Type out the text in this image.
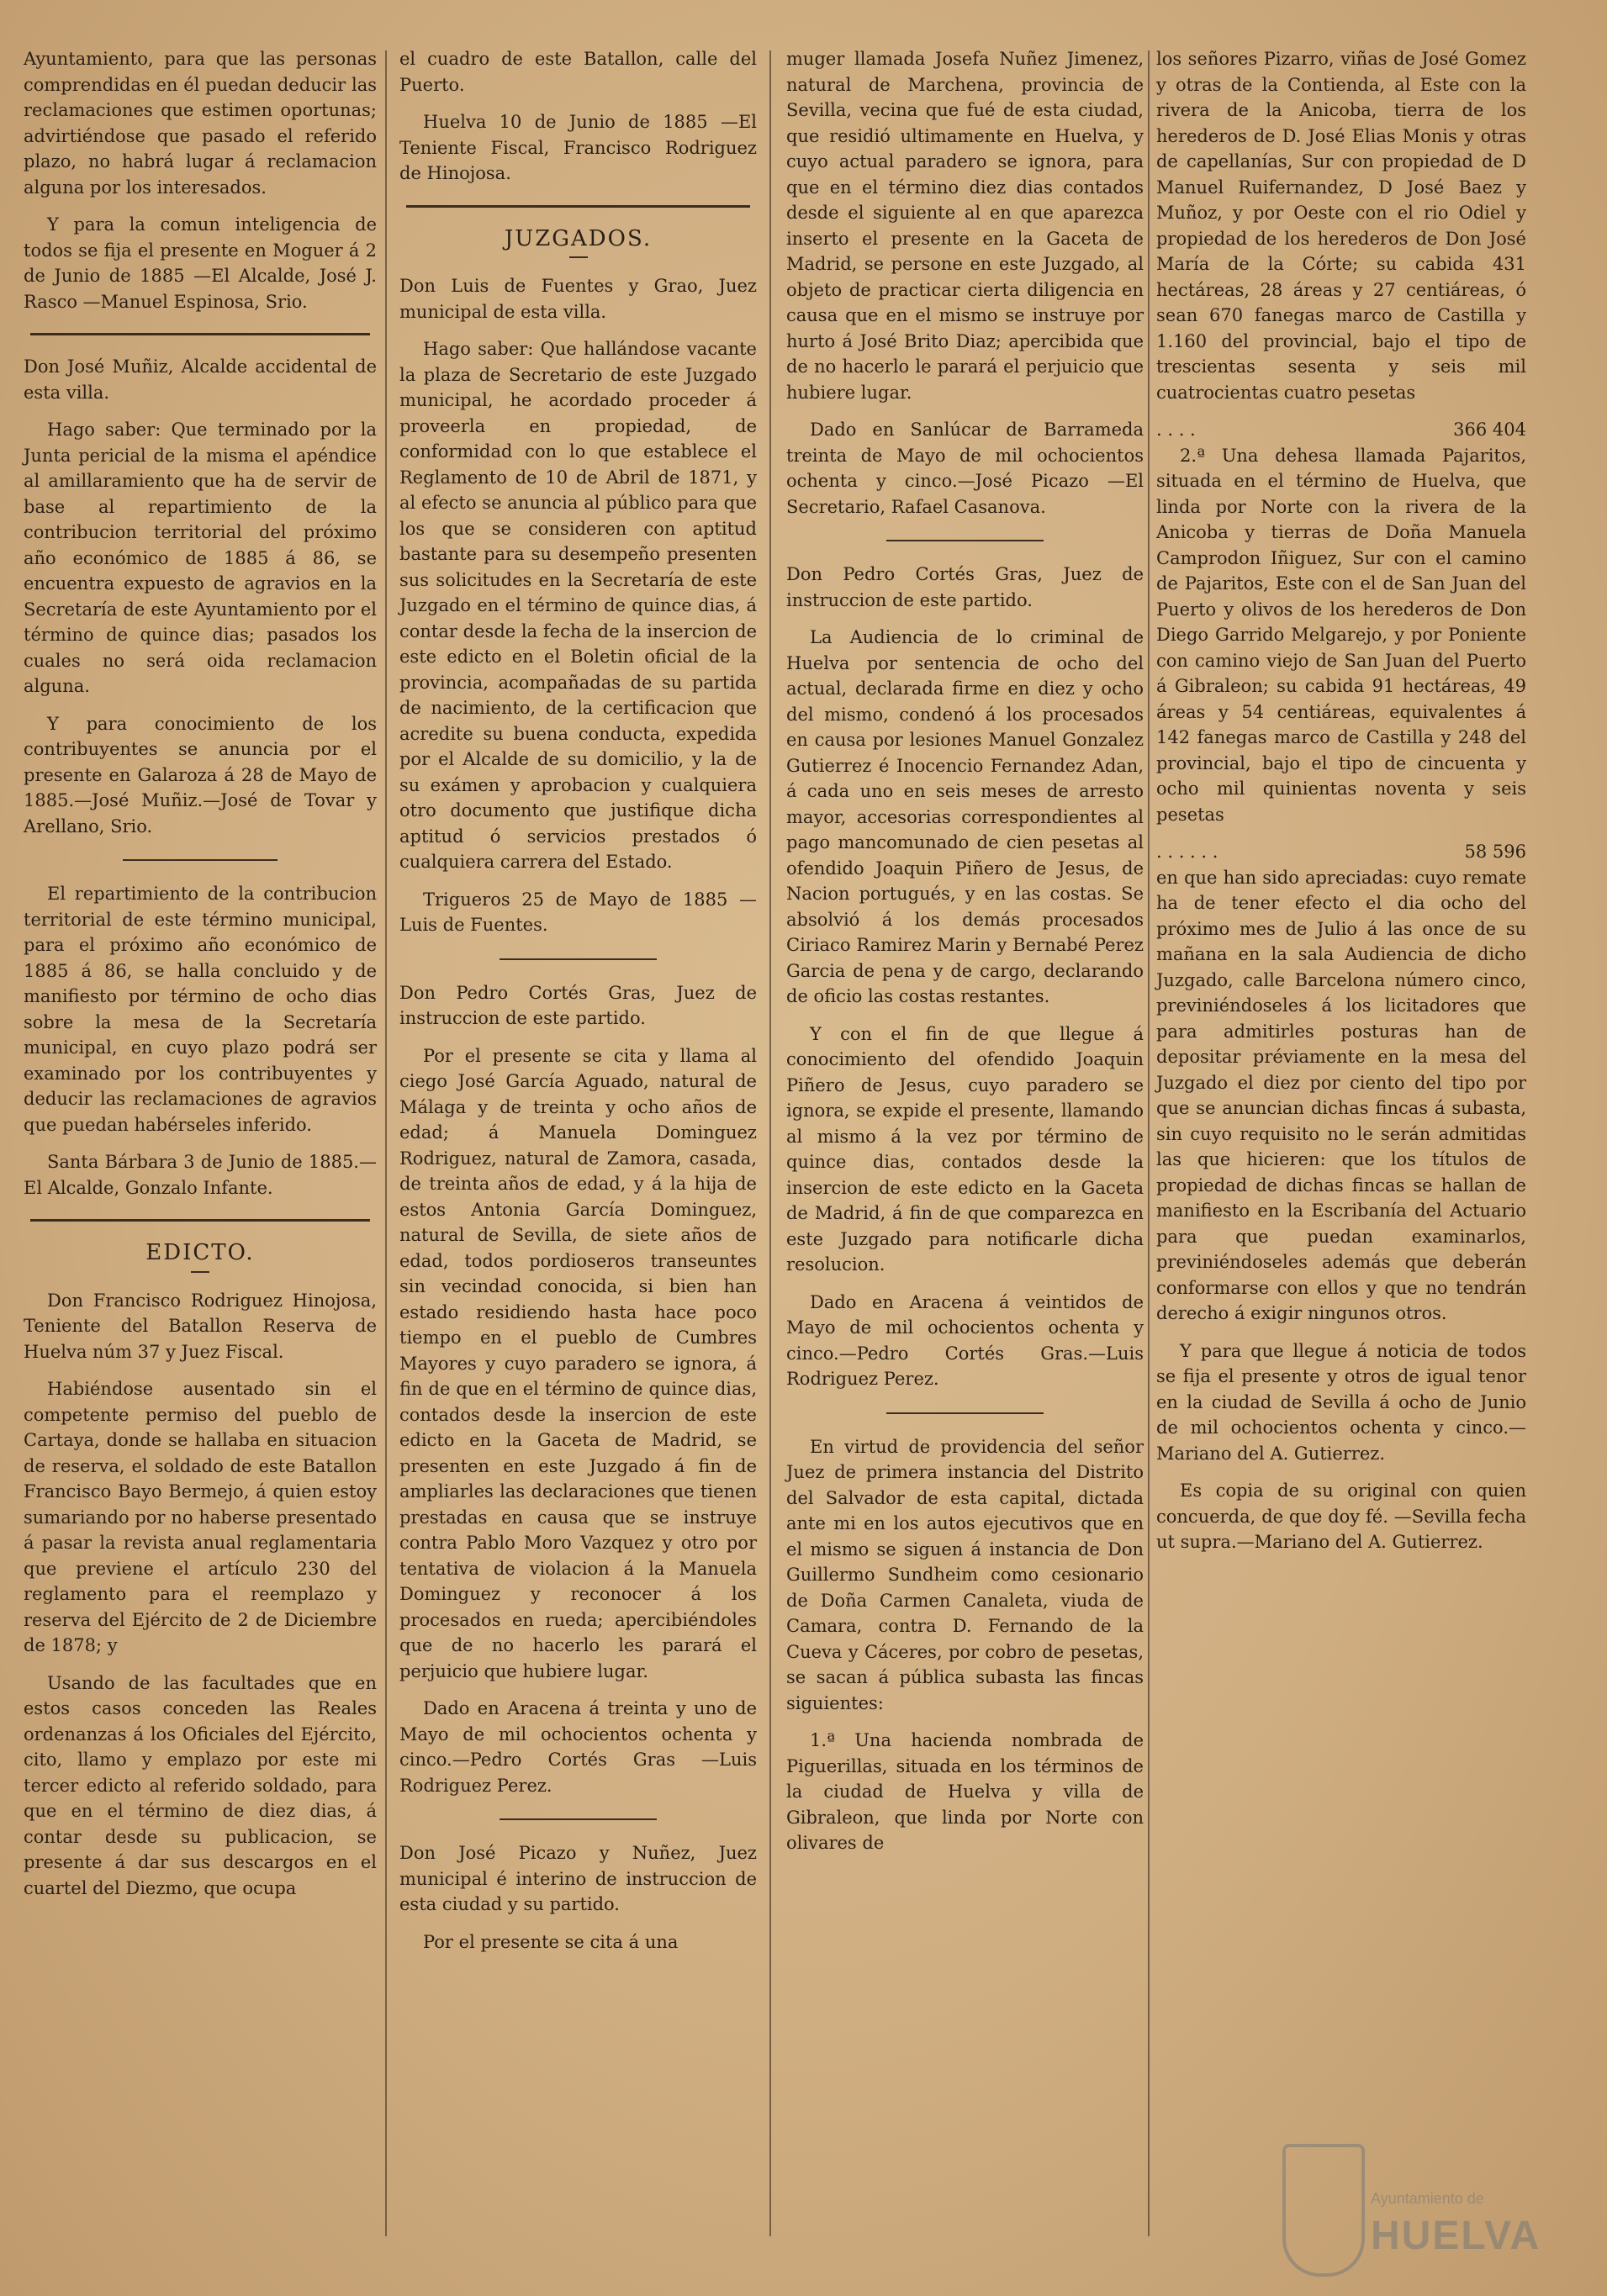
Ayuntamiento, para que las personas comprendidas en él puedan deducir las reclamaciones que estimen oportunas; advirtiéndose que pasado el referido plazo, no habrá lugar á reclamacion alguna por los interesados.

Y para la comun inteligencia de todos se fija el presente en Moguer á 2 de Junio de 1885 —El Alcalde, José J. Rasco —Manuel Espinosa, Srio.

Don José Muñiz, Alcalde accidental de esta villa.

Hago saber: Que terminado por la Junta pericial de la misma el apéndice al amillaramiento que ha de servir de base al repartimiento de la contribucion territorial del próximo año económico de 1885 á 86, se encuentra expuesto de agravios en la Secretaría de este Ayuntamiento por el término de quince dias; pasados los cuales no será oida reclamacion alguna.

Y para conocimiento de los contribuyentes se anuncia por el presente en Galaroza á 28 de Mayo de 1885.—José Muñiz.—José de Tovar y Arellano, Srio.

El repartimiento de la contribucion territorial de este término municipal, para el próximo año económico de 1885 á 86, se halla concluido y de manifiesto por término de ocho dias sobre la mesa de la Secretaría municipal, en cuyo plazo podrá ser examinado por los contribuyentes y deducir las reclamaciones de agravios que puedan habérseles inferido.

Santa Bárbara 3 de Junio de 1885.—El Alcalde, Gonzalo Infante.

EDICTO.

Don Francisco Rodriguez Hinojosa, Teniente del Batallon Reserva de Huelva núm 37 y Juez Fiscal.

Habiéndose ausentado sin el competente permiso del pueblo de Cartaya, donde se hallaba en situacion de reserva, el soldado de este Batallon Francisco Bayo Bermejo, á quien estoy sumariando por no haberse presentado á pasar la revista anual reglamentaria que previene el artículo 230 del reglamento para el reemplazo y reserva del Ejército de 2 de Diciembre de 1878; y

Usando de las facultades que en estos casos conceden las Reales ordenanzas á los Oficiales del Ejército, cito, llamo y emplazo por este mi tercer edicto al referido soldado, para que en el término de diez dias, á contar desde su publicacion, se presente á dar sus descargos en el cuartel del Diezmo, que ocupa

el cuadro de este Batallon, calle del Puerto.

Huelva 10 de Junio de 1885 —El Teniente Fiscal, Francisco Rodriguez de Hinojosa.

JUZGADOS.

Don Luis de Fuentes y Grao, Juez municipal de esta villa.

Hago saber: Que hallándose vacante la plaza de Secretario de este Juzgado municipal, he acordado proceder á proveerla en propiedad, de conformidad con lo que establece el Reglamento de 10 de Abril de 1871, y al efecto se anuncia al público para que los que se consideren con aptitud bastante para su desempeño presenten sus solicitudes en la Secretaría de este Juzgado en el término de quince dias, á contar desde la fecha de la insercion de este edicto en el Boletin oficial de la provincia, acompañadas de su partida de nacimiento, de la certificacion que acredite su buena conducta, expedida por el Alcalde de su domicilio, y la de su exámen y aprobacion y cualquiera otro documento que justifique dicha aptitud ó servicios prestados ó cualquiera carrera del Estado.

Trigueros 25 de Mayo de 1885 —Luis de Fuentes.

Don Pedro Cortés Gras, Juez de instruccion de este partido.

Por el presente se cita y llama al ciego José García Aguado, natural de Málaga y de treinta y ocho años de edad; á Manuela Dominguez Rodriguez, natural de Zamora, casada, de treinta años de edad, y á la hija de estos Antonia García Dominguez, natural de Sevilla, de siete años de edad, todos pordioseros transeuntes sin vecindad conocida, si bien han estado residiendo hasta hace poco tiempo en el pueblo de Cumbres Mayores y cuyo paradero se ignora, á fin de que en el término de quince dias, contados desde la insercion de este edicto en la Gaceta de Madrid, se presenten en este Juzgado á fin de ampliarles las declaraciones que tienen prestadas en causa que se instruye contra Pablo Moro Vazquez y otro por tentativa de violacion á la Manuela Dominguez y reconocer á los procesados en rueda; apercibiéndoles que de no hacerlo les parará el perjuicio que hubiere lugar.

Dado en Aracena á treinta y uno de Mayo de mil ochocientos ochenta y cinco.—Pedro Cortés Gras —Luis Rodriguez Perez.

Don José Picazo y Nuñez, Juez municipal é interino de instruccion de esta ciudad y su partido.

Por el presente se cita á una

muger llamada Josefa Nuñez Jimenez, natural de Marchena, provincia de Sevilla, vecina que fué de esta ciudad, que residió ultimamente en Huelva, y cuyo actual paradero se ignora, para que en el término diez dias contados desde el siguiente al en que aparezca inserto el presente en la Gaceta de Madrid, se persone en este Juzgado, al objeto de practicar cierta diligencia en causa que en el mismo se instruye por hurto á José Brito Diaz; apercibida que de no hacerlo le parará el perjuicio que hubiere lugar.

Dado en Sanlúcar de Barrameda treinta de Mayo de mil ochocientos ochenta y cinco.—José Picazo —El Secretario, Rafael Casanova.

Don Pedro Cortés Gras, Juez de instruccion de este partido.

La Audiencia de lo criminal de Huelva por sentencia de ocho del actual, declarada firme en diez y ocho del mismo, condenó á los procesados en causa por lesiones Manuel Gonzalez Gutierrez é Inocencio Fernandez Adan, á cada uno en seis meses de arresto mayor, accesorias correspondientes al pago mancomunado de cien pesetas al ofendido Joaquin Piñero de Jesus, de Nacion portugués, y en las costas. Se absolvió á los demás procesados Ciriaco Ramirez Marin y Bernabé Perez Garcia de pena y de cargo, declarando de oficio las costas restantes.

Y con el fin de que llegue á conocimiento del ofendido Joaquin Piñero de Jesus, cuyo paradero se ignora, se expide el presente, llamando al mismo á la vez por término de quince dias, contados desde la insercion de este edicto en la Gaceta de Madrid, á fin de que comparezca en este Juzgado para notificarle dicha resolucion.

Dado en Aracena á veintidos de Mayo de mil ochocientos ochenta y cinco.—Pedro Cortés Gras.—Luis Rodriguez Perez.

En virtud de providencia del señor Juez de primera instancia del Distrito del Salvador de esta capital, dictada ante mi en los autos ejecutivos que en el mismo se siguen á instancia de Don Guillermo Sundheim como cesionario de Doña Carmen Canaleta, viuda de Camara, contra D. Fernando de la Cueva y Cáceres, por cobro de pesetas, se sacan á pública subasta las fincas siguientes:

1.ª Una hacienda nombrada de Piguerillas, situada en los términos de la ciudad de Huelva y villa de Gibraleon, que linda por Norte con olivares de

los señores Pizarro, viñas de José Gomez y otras de la Contienda, al Este con la rivera de la Anicoba, tierra de los herederos de D. José Elias Monis y otras de capellanías, Sur con propiedad de D Manuel Ruifernandez, D José Baez y Muñoz, y por Oeste con el rio Odiel y propiedad de los herederos de Don José María de la Córte; su cabida 431 hectáreas, 28 áreas y 27 centiáreas, ó sean 670 fanegas marco de Castilla y 1.160 del provincial, bajo el tipo de trescientas sesenta y seis mil cuatrocientas cuatro pesetas

. . . .	366 404

2.ª Una dehesa llamada Pajaritos, situada en el término de Huelva, que linda por Norte con la rivera de la Anicoba y tierras de Doña Manuela Camprodon Iñiguez, Sur con el camino de Pajaritos, Este con el de San Juan del Puerto y olivos de los herederos de Don Diego Garrido Melgarejo, y por Poniente con camino viejo de San Juan del Puerto á Gibraleon; su cabida 91 hectáreas, 49 áreas y 54 centiáreas, equivalentes á 142 fanegas marco de Castilla y 248 del provincial, bajo el tipo de cincuenta y ocho mil quinientas noventa y seis pesetas

. . . . . .	58 596

en que han sido apreciadas: cuyo remate ha de tener efecto el dia ocho del próximo mes de Julio á las once de su mañana en la sala Audiencia de dicho Juzgado, calle Barcelona número cinco, previniéndoseles á los licitadores que para admitirles posturas han de depositar préviamente en la mesa del Juzgado el diez por ciento del tipo por que se anuncian dichas fincas á subasta, sin cuyo requisito no le serán admitidas las que hicieren: que los títulos de propiedad de dichas fincas se hallan de manifiesto en la Escribanía del Actuario para que puedan examinarlos, previniéndoseles además que deberán conformarse con ellos y que no tendrán derecho á exigir ningunos otros.

Y para que llegue á noticia de todos se fija el presente y otros de igual tenor en la ciudad de Sevilla á ocho de Junio de mil ochocientos ochenta y cinco.—Mariano del A. Gutierrez.

Es copia de su original con quien concuerda, de que doy fé. —Sevilla fecha ut supra.—Mariano del A. Gutierrez.

Ayuntamiento de
HUELVA
